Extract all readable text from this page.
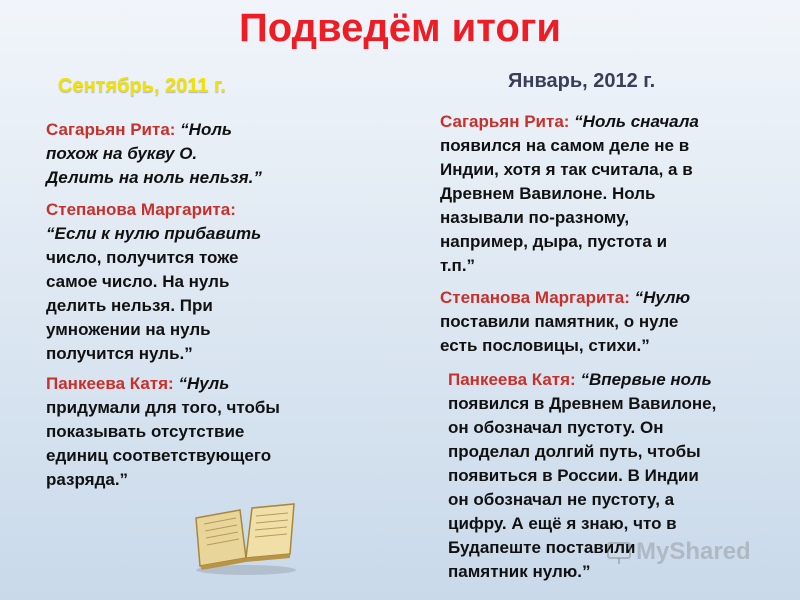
Подведём итоги
Сентябрь, 2011 г.	Январь, 2012 г.
Сагарьян Рита: “Ноль
похож на букву О.
Делить на ноль нельзя.”
Степанова Маргарита:
“Если к нулю прибавить
число, получится тоже
самое число. На нуль
делить нельзя. При
умножении на нуль
получится нуль.”
Панкеева Катя: “Нуль
придумали для того, чтобы
показывать отсутствие
единиц соответствующего
разряда.”
Сагарьян Рита: “Ноль сначала
появился на самом деле не в
Индии, хотя я так считала, а в
Древнем Вавилоне. Ноль
называли по-разному,
например, дыра, пустота и
т.п.”
Степанова Маргарита: “Нулю
поставили памятник, о нуле
есть пословицы, стихи.”
Панкеева Катя: “Впервые ноль
появился в Древнем Вавилоне,
он обозначал пустоту. Он
проделал долгий путь, чтобы
появиться в России. В Индии
он обозначал не пустоту, а
цифру. А ещё я знаю, что в
Будапеште поставили
памятник нулю.”
MyShared
